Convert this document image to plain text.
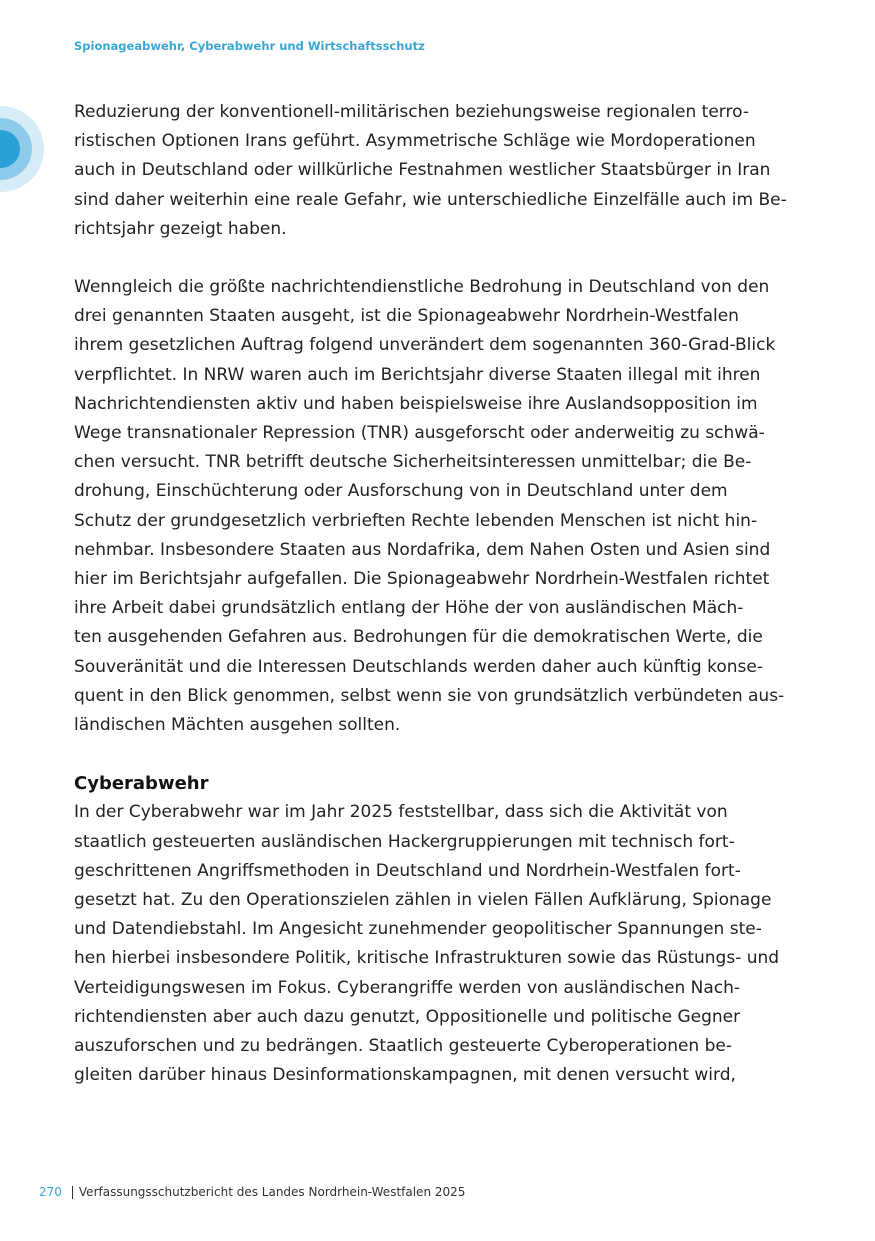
Spionageabwehr, Cyberabwehr und Wirtschaftsschutz

Reduzierung der konventionell-militärischen beziehungsweise regionalen terro-
ristischen Optionen Irans geführt. Asymmetrische Schläge wie Mordoperationen
auch in Deutschland oder willkürliche Festnahmen westlicher Staatsbürger in Iran
sind daher weiterhin eine reale Gefahr, wie unterschiedliche Einzelfälle auch im Be-
richtsjahr gezeigt haben.

Wenngleich die größte nachrichtendienstliche Bedrohung in Deutschland von den
drei genannten Staaten ausgeht, ist die Spionageabwehr Nordrhein-Westfalen
ihrem gesetzlichen Auftrag folgend unverändert dem sogenannten 360-Grad-Blick
verpflichtet. In NRW waren auch im Berichtsjahr diverse Staaten illegal mit ihren
Nachrichtendiensten aktiv und haben beispielsweise ihre Auslandsopposition im
Wege transnationaler Repression (TNR) ausgeforscht oder anderweitig zu schwä-
chen versucht. TNR betrifft deutsche Sicherheitsinteressen unmittelbar; die Be-
drohung, Einschüchterung oder Ausforschung von in Deutschland unter dem
Schutz der grundgesetzlich verbrieften Rechte lebenden Menschen ist nicht hin-
nehmbar. Insbesondere Staaten aus Nordafrika, dem Nahen Osten und Asien sind
hier im Berichtsjahr aufgefallen. Die Spionageabwehr Nordrhein-Westfalen richtet
ihre Arbeit dabei grundsätzlich entlang der Höhe der von ausländischen Mäch-
ten ausgehenden Gefahren aus. Bedrohungen für die demokratischen Werte, die
Souveränität und die Interessen Deutschlands werden daher auch künftig konse-
quent in den Blick genommen, selbst wenn sie von grundsätzlich verbündeten aus-
ländischen Mächten ausgehen sollten.

Cyberabwehr

In der Cyberabwehr war im Jahr 2025 feststellbar, dass sich die Aktivität von
staatlich gesteuerten ausländischen Hackergruppierungen mit technisch fort-
geschrittenen Angriffsmethoden in Deutschland und Nordrhein-Westfalen fort-
gesetzt hat. Zu den Operationszielen zählen in vielen Fällen Aufklärung, Spionage
und Datendiebstahl. Im Angesicht zunehmender geopolitischer Spannungen ste-
hen hierbei insbesondere Politik, kritische Infrastrukturen sowie das Rüstungs- und
Verteidigungswesen im Fokus. Cyberangriffe werden von ausländischen Nach-
richtendiensten aber auch dazu genutzt, Oppositionelle und politische Gegner
auszuforschen und zu bedrängen. Staatlich gesteuerte Cyberoperationen be-
gleiten darüber hinaus Desinformationskampagnen, mit denen versucht wird,

270 Verfassungsschutzbericht des Landes Nordrhein-Westfalen 2025
